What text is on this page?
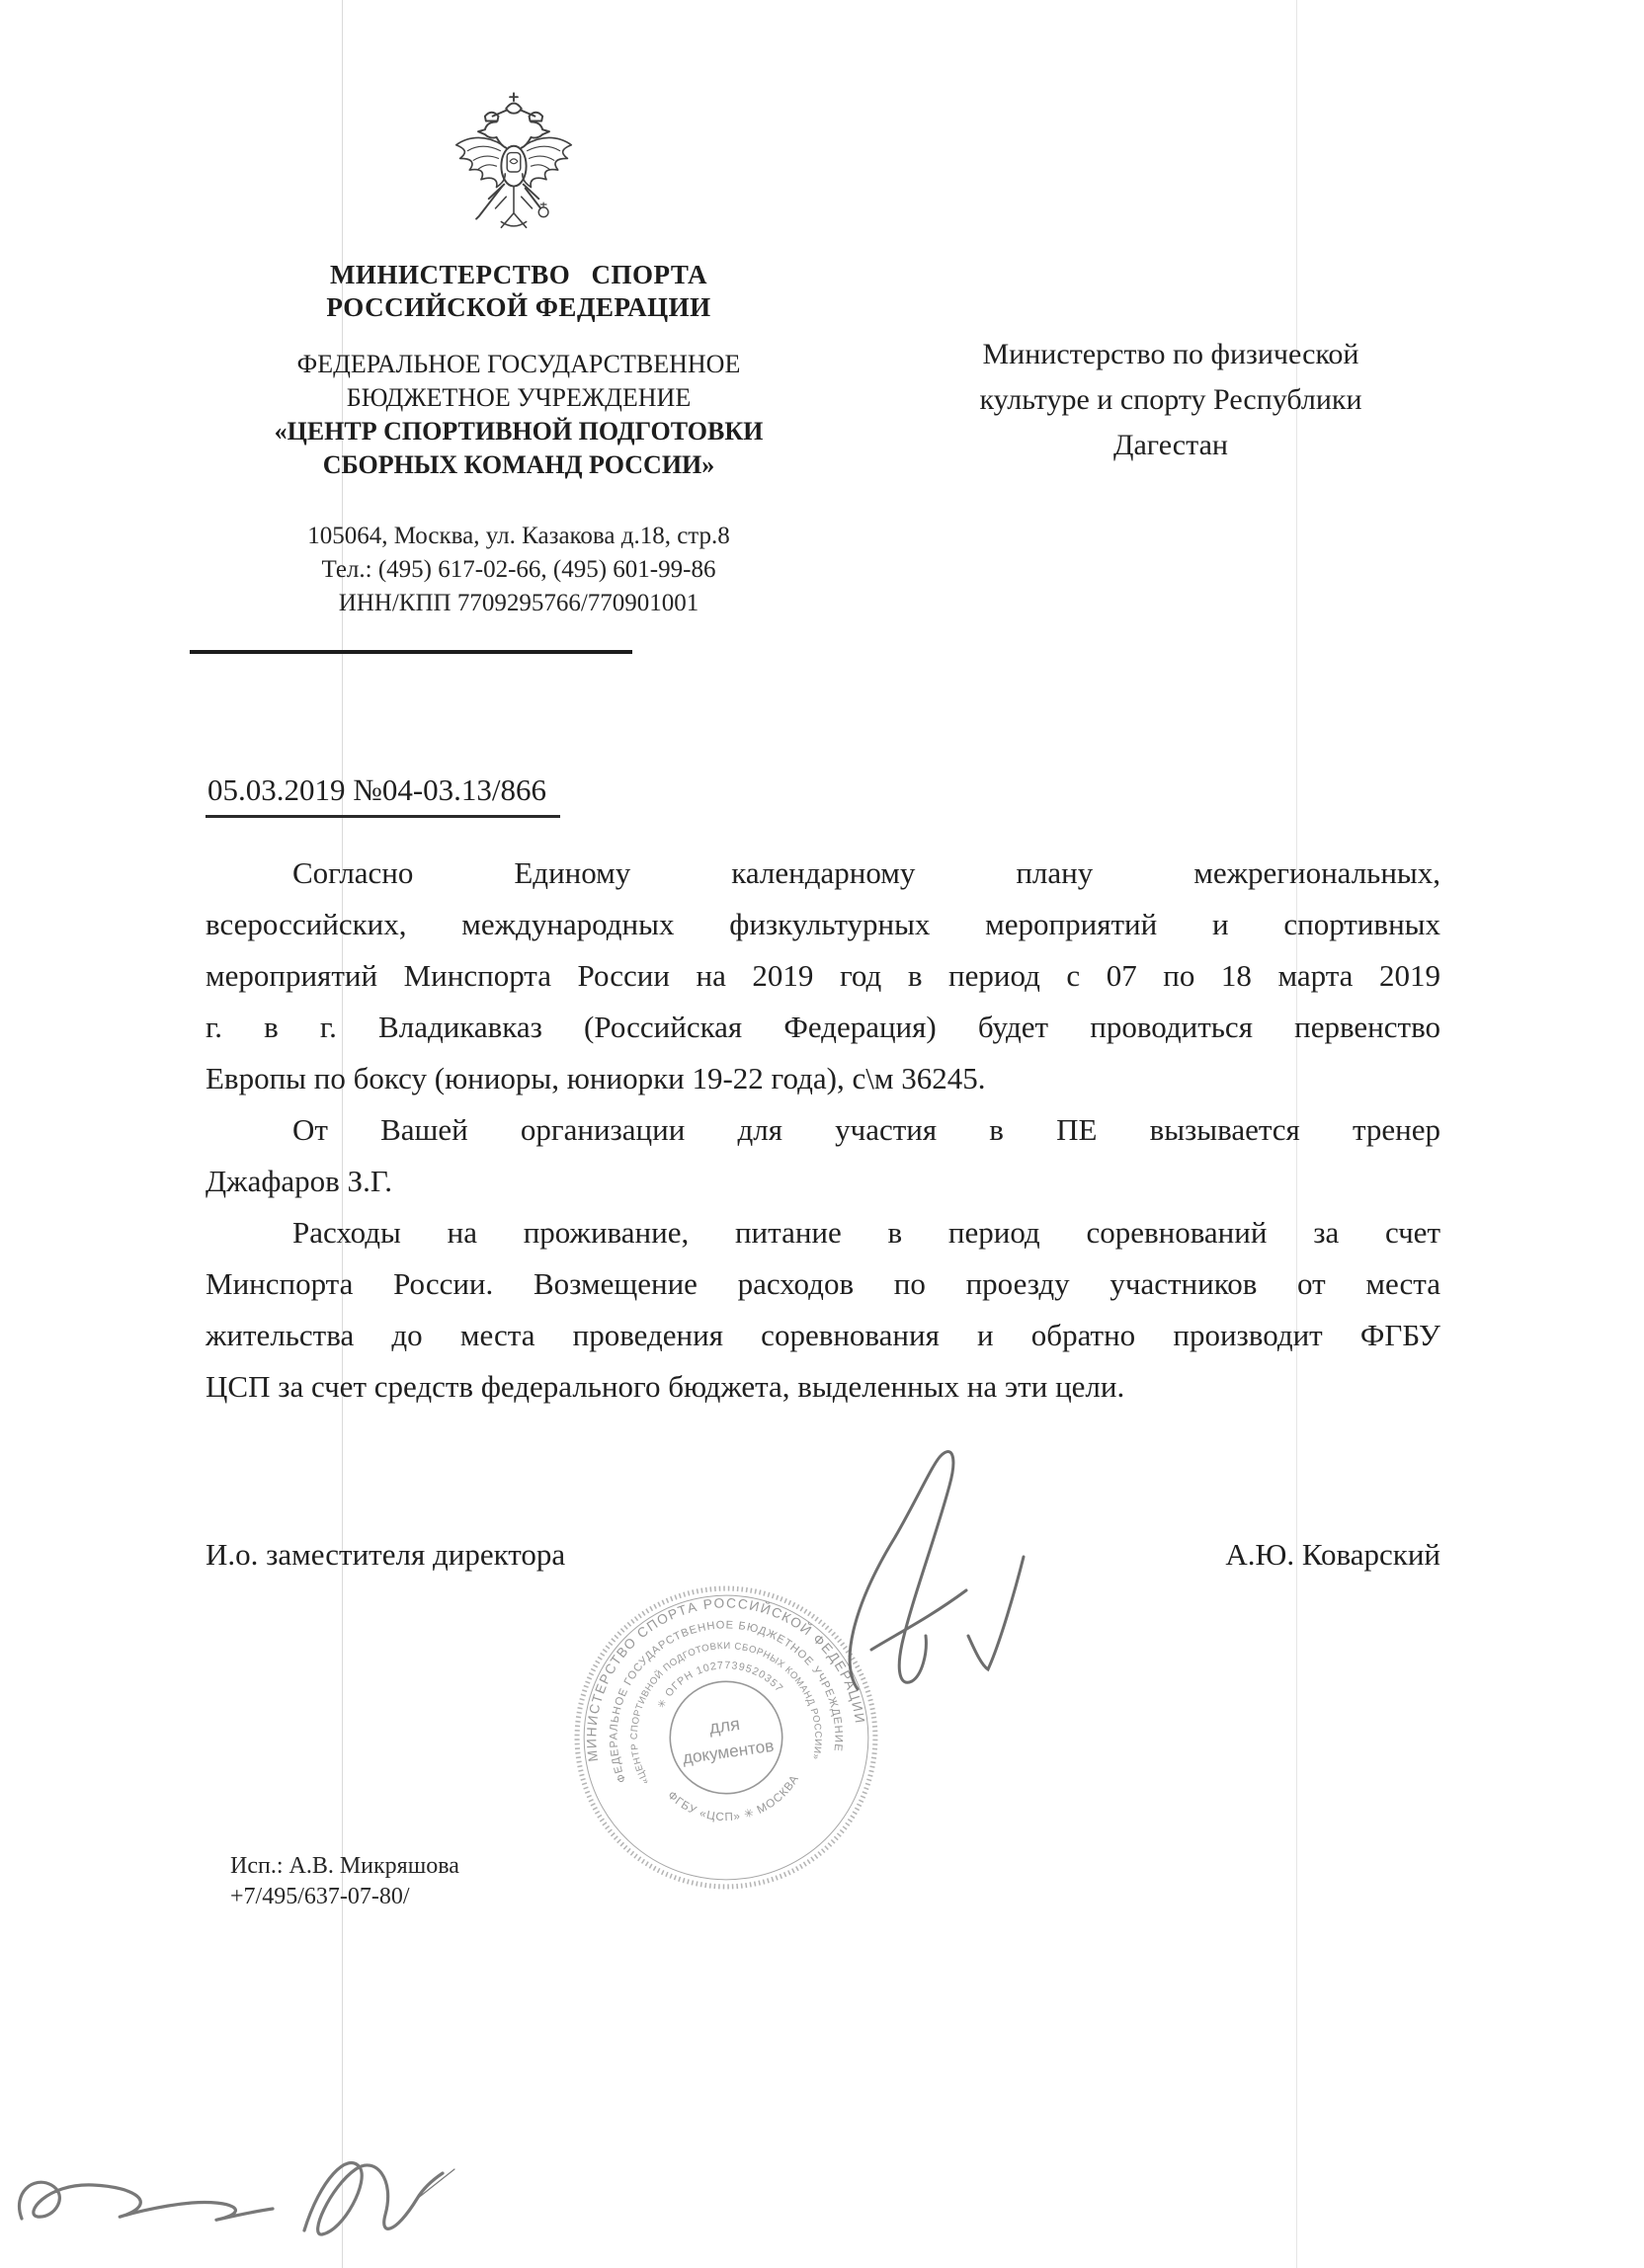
МИНИСТЕРСТВО СПОРТА
РОССИЙСКОЙ ФЕДЕРАЦИИ
ФЕДЕРАЛЬНОЕ ГОСУДАРСТВЕННОЕ
БЮДЖЕТНОЕ УЧРЕЖДЕНИЕ
«ЦЕНТР СПОРТИВНОЙ ПОДГОТОВКИ
СБОРНЫХ КОМАНД РОССИИ»
105064, Москва, ул. Казакова д.18, стр.8
Тел.: (495) 617-02-66, (495) 601-99-86
ИНН/КПП 7709295766/770901001
Министерство по физической
культуре и спорту Республики
Дагестан
05.03.2019 №04-03.13/866
Согласно Единому календарному плану межрегиональных,
всероссийских, международных физкультурных мероприятий и спортивных
мероприятий Минспорта России на 2019 год в период с 07 по 18 марта 2019
г. в г. Владикавказ (Российская Федерация) будет проводиться первенство
Европы по боксу (юниоры, юниорки 19-22 года), с\м 36245.
От Вашей организации для участия в ПЕ вызывается тренер
Джафаров З.Г.
Расходы на проживание, питание в период соревнований за счет
Минспорта России. Возмещение расходов по проезду участников от места
жительства до места проведения соревнования и обратно производит ФГБУ
ЦСП за счет средств федерального бюджета, выделенных на эти цели.
И.о. заместителя директора	А.Ю. Коварский
МИНИСТЕРСТВО СПОРТА РОССИЙСКОЙ ФЕДЕРАЦИИ
ФЕДЕРАЛЬНОЕ ГОСУДАРСТВЕННОЕ БЮДЖЕТНОЕ УЧРЕЖДЕНИЕ
«ЦЕНТР СПОРТИВНОЙ ПОДГОТОВКИ СБОРНЫХ КОМАНД РОССИИ»
✳ ОГРН 1027739520357
ФГБУ «ЦСП» ✳ МОСКВА
для
документов
Исп.: А.В. Микряшова
+7/495/637-07-80/
